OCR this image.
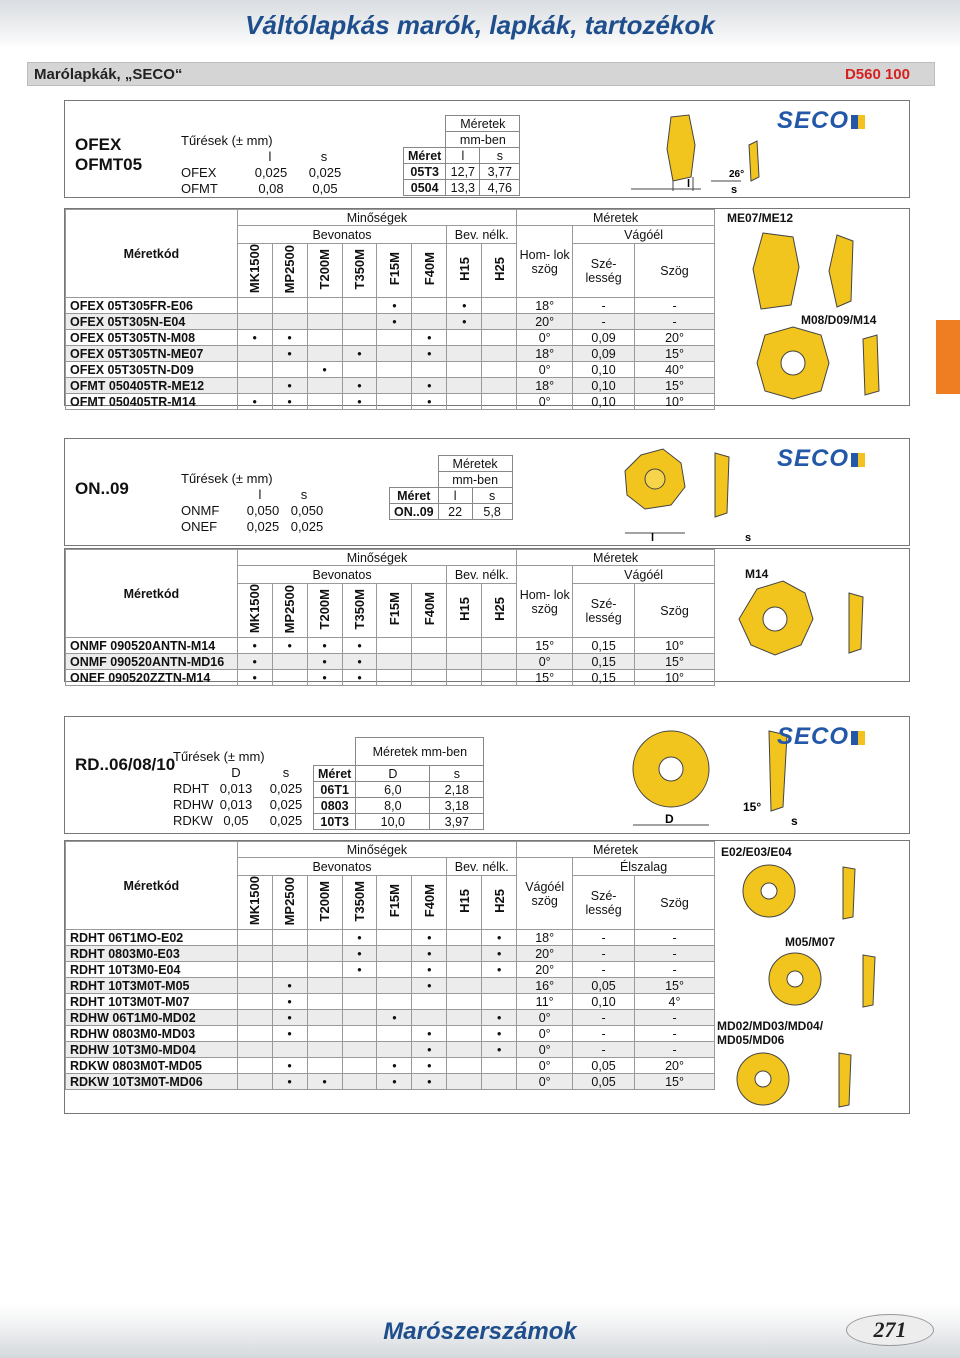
Váltólapkás marók, lapkák, tartozékok
Marólapkák, „SECO“	D560 100
OFEX OFMT05
Tűrések (± mm)
l	s
OFEX	0,025	0,025
OFMT	0,08	0,05
	Méretek	
	mm-ben	
Méret	l	s
05T3	12,7	3,77
0504	13,3	4,76	l	s
26°
SECO
Méretkód	Minőségek								Méretek		
	Bevonatos						Bev. nélk.		Hom- lok szög	Vágóél	
	MK1500	MP2500	T200M	T350M	F15M	F40M	H15	H25		Szé- lesség	Szög
OFEX 05T305FR-E06					•		•		18°	-	-
OFEX 05T305N-E04					•		•		20°	-	-
OFEX 05T305TN-M08	•	•				•			0°	0,09	20°
OFEX 05T305TN-ME07		•		•		•			18°	0,09	15°
OFEX 05T305TN-D09			•						0°	0,10	40°
OFMT 050405TR-ME12		•		•		•			18°	0,10	15°
OFMT 050405TR-M14	•	•		•		•			0°	0,10	10°
ME07/ME12
M08/D09/M14
ON..09
Tűrések (± mm)
l	s
ONMF	0,050 0,050
ONEF	0,025 0,025
	Méretek	
	mm-ben	
Méret	l	s
ON..09	22	5,8
l	s
SECO
Méretkód	Minőségek								Méretek		
	Bevonatos						Bev. nélk.		Hom- lok szög	Vágóél	
	MK1500	MP2500	T200M	T350M	F15M	F40M	H15	H25		Szé- lesség	Szög
ONMF 090520ANTN-M14	•	•	•	•					15°	0,15	10°
ONMF 090520ANTN-MD16	•		•	•					0°	0,15	15°
ONEF 090520ZZTN-M14	•		•	•					15°	0,15	10°
M14
RD..06/08/10
Tűrések (± mm)
D	s
RDHT 0,013	0,025
RDHW 0,013	0,025
RDKW 0,05	0,025
	Méretek mm-ben	
Méret	D	s
06T1	6,0	2,18
0803	8,0	3,18
10T3	10,0	3,97	D
15°
s
SECO
Méretkód	Minőségek								Méretek		
	Bevonatos						Bev. nélk.		Vágóél szög	Élszalag	
	MK1500	MP2500	T200M	T350M	F15M	F40M	H15	H25		Szé- lesség	Szög
RDHT 06T1MO-E02				•		•		•	18°	-	-
RDHT 0803M0-E03				•		•		•	20°	-	-
RDHT 10T3M0-E04				•		•		•	20°	-	-
RDHT 10T3M0T-M05		•				•			16°	0,05	15°
RDHT 10T3M0T-M07		•							11°	0,10	4°
RDHW 06T1M0-MD02		•			•			•	0°	-	-
RDHW 0803M0-MD03		•				•		•	0°	-	-
RDHW 10T3M0-MD04						•		•	0°	-	-
RDKW 0803M0T-MD05		•			•	•			0°	0,05	20°
RDKW 10T3M0T-MD06		•	•		•	•			0°	0,05	15°
E02/E03/E04
M05/M07
MD02/MD03/MD04/
MD05/MD06
Marószerszámok	271
